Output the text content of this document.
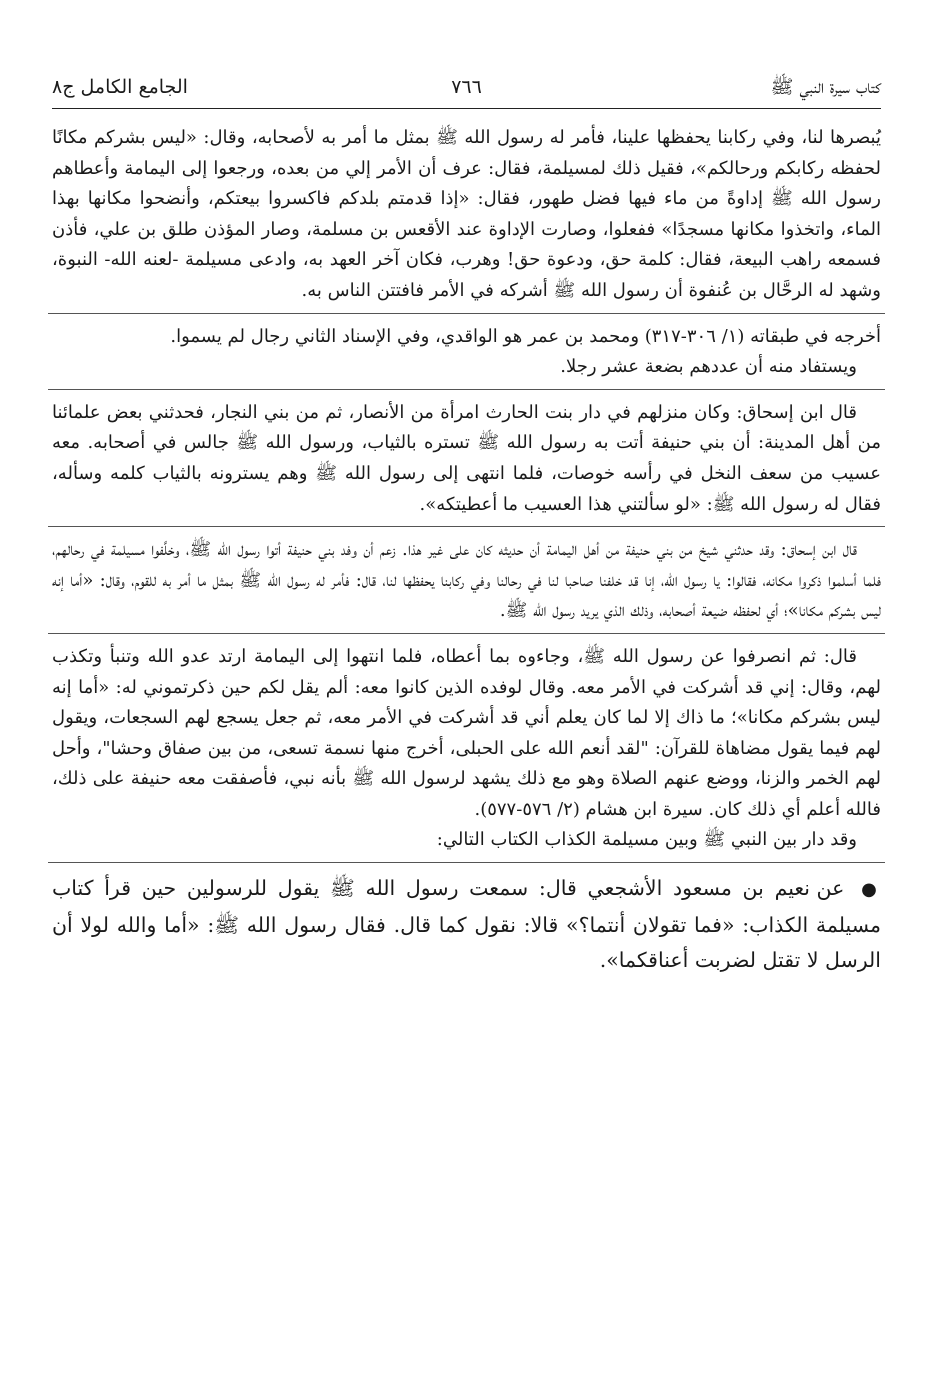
كتاب سيرة النبي ﷺ
٧٦٦
الجامع الكامل ج٨

يُبصرها لنا، وفي ركابنا يحفظها علينا، فأمر له رسول الله ﷺ بمثل ما أمر به لأصحابه، وقال: «ليس بشركم مكانًا لحفظه ركابكم ورحالكم»، فقيل ذلك لمسيلمة، فقال: عرف أن الأمر إلي من بعده، ورجعوا إلى اليمامة وأعطاهم رسول الله ﷺ إداوةً من ماء فيها فضل طهور، فقال: «إذا قدمتم بلدكم فاكسروا بيعتكم، وأنضحوا مكانها بهذا الماء، واتخذوا مكانها مسجدًا» ففعلوا، وصارت الإداوة عند الأقعس بن مسلمة، وصار المؤذن طلق بن علي، فأذن فسمعه راهب البيعة، فقال: كلمة حق، ودعوة حق! وهرب، فكان آخر العهد به، وادعى مسيلمة -لعنه الله- النبوة، وشهد له الرحَّال بن عُنفوة أن رسول الله ﷺ أشركه في الأمر فافتتن الناس به.

أخرجه في طبقاته (١/ ٣٠٦-٣١٧) ومحمد بن عمر هو الواقدي، وفي الإسناد الثاني رجال لم يسموا.

ويستفاد منه أن عددهم بضعة عشر رجلا.

قال ابن إسحاق: وكان منزلهم في دار بنت الحارث امرأة من الأنصار، ثم من بني النجار، فحدثني بعض علمائنا من أهل المدينة: أن بني حنيفة أتت به رسول الله ﷺ تستره بالثياب، ورسول الله ﷺ جالس في أصحابه. معه عسيب من سعف النخل في رأسه خوصات، فلما انتهى إلى رسول الله ﷺ وهم يسترونه بالثياب كلمه وسأله، فقال له رسول الله ﷺ: «لو سألتني هذا العسيب ما أعطيتكه».

قال ابن إسحاق: وقد حدثني شيخ من بني حنيفة من أهل اليمامة أن حديثه كان على غير هذا. زعم أن وفد بني حنيفة أتوا رسول الله ﷺ، وخلَّفوا مسيلمة في رحالهم، فلما أسلموا ذكروا مكانه، فقالوا: يا رسول الله، إنا قد خلفنا صاحبا لنا في رحالنا وفي ركابنا يحفظها لنا، قال: فأمر له رسول الله ﷺ بمثل ما أمر به للقوم، وقال: «أما إنه ليس بشركم مكانا»؛ أي لحفظه ضيعة أصحابه، وذلك الذي يريد رسول الله ﷺ.

قال: ثم انصرفوا عن رسول الله ﷺ، وجاءوه بما أعطاه، فلما انتهوا إلى اليمامة ارتد عدو الله وتنبأ وتكذب لهم، وقال: إني قد أشركت في الأمر معه. وقال لوفده الذين كانوا معه: ألم يقل لكم حين ذكرتموني له: «أما إنه ليس بشركم مكانا»؛ ما ذاك إلا لما كان يعلم أني قد أشركت في الأمر معه، ثم جعل يسجع لهم السجعات، ويقول لهم فيما يقول مضاهاة للقرآن: "لقد أنعم الله على الحبلى، أخرج منها نسمة تسعى، من بين صفاق وحشا"، وأحل لهم الخمر والزنا، ووضع عنهم الصلاة وهو مع ذلك يشهد لرسول الله ﷺ بأنه نبي، فأصفقت معه حنيفة على ذلك، فالله أعلم أي ذلك كان. سيرة ابن هشام (٢/ ٥٧٦-٥٧٧).

وقد دار بين النبي ﷺ وبين مسيلمة الكذاب الكتاب التالي:

● عن نعيم بن مسعود الأشجعي قال: سمعت رسول الله ﷺ يقول للرسولين حين قرأ كتاب مسيلمة الكذاب: «فما تقولان أنتما؟» قالا: نقول كما قال. فقال رسول الله ﷺ: «أما والله لولا أن الرسل لا تقتل لضربت أعناقكما».
